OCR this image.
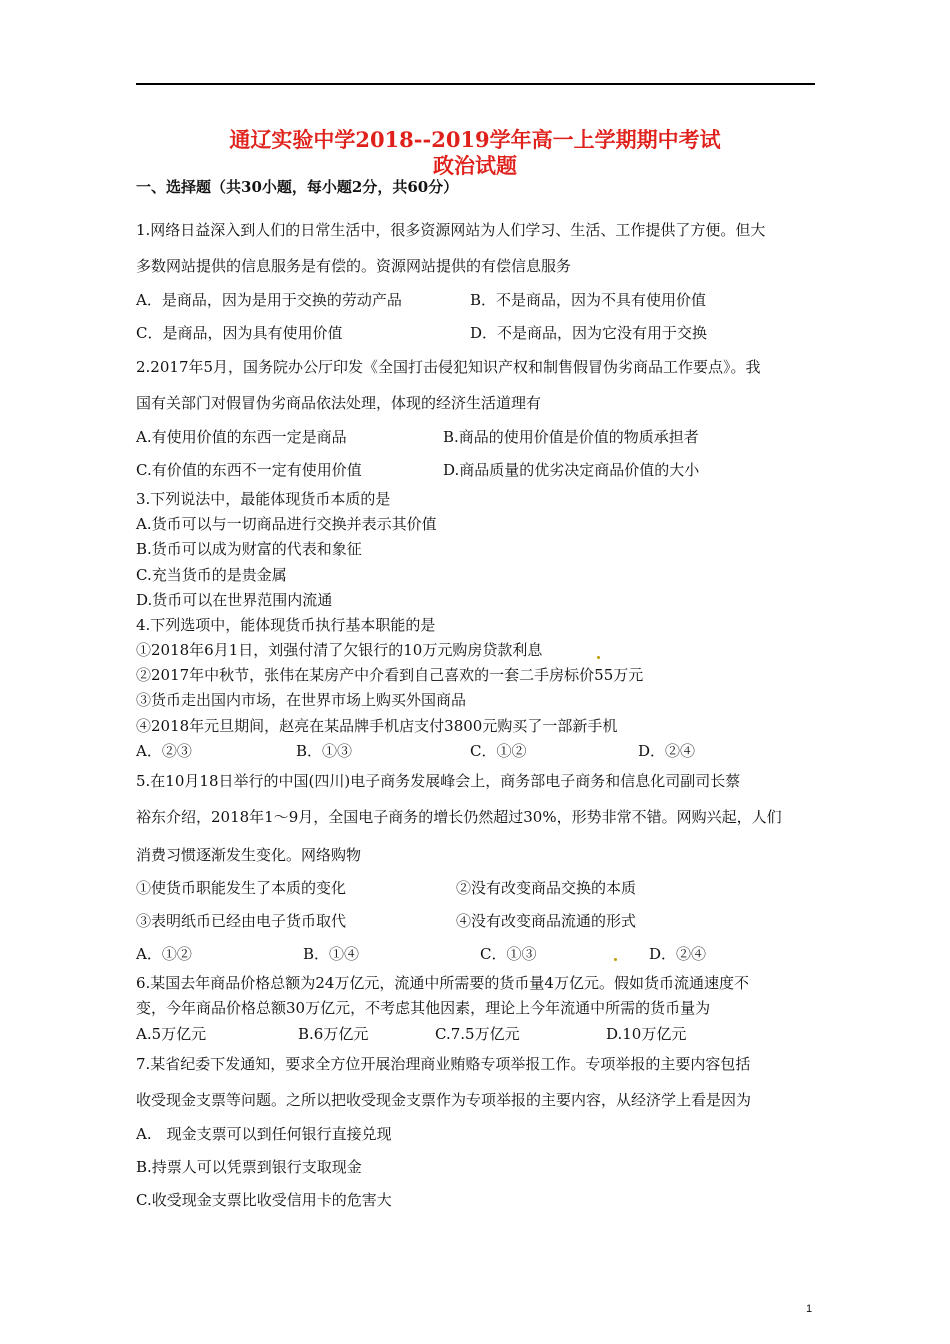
通辽实验中学2018--2019学年高一上学期期中考试
政治试题
一、选择题（共30小题，每小题2分，共60分）
1.网络日益深入到人们的日常生活中，很多资源网站为人们学习、生活、工作提供了方便。但大
多数网站提供的信息服务是有偿的。资源网站提供的有偿信息服务
A．是商品，因为是用于交换的劳动产品	B．不是商品，因为不具有使用价值
C．是商品，因为具有使用价值	D．不是商品，因为它没有用于交换
2.2017年5月，国务院办公厅印发《全国打击侵犯知识产权和制售假冒伪劣商品工作要点》。我
国有关部门对假冒伪劣商品依法处理，体现的经济生活道理有
A.有使用价值的东西一定是商品	B.商品的使用价值是价值的物质承担者
C.有价值的东西不一定有使用价值	D.商品质量的优劣决定商品价值的大小
3.下列说法中，最能体现货币本质的是
A.货币可以与一切商品进行交换并表示其价值
B.货币可以成为财富的代表和象征
C.充当货币的是贵金属
D.货币可以在世界范围内流通
4.下列选项中，能体现货币执行基本职能的是
①2018年6月1日，刘强付清了欠银行的10万元购房贷款利息
②2017年中秋节，张伟在某房产中介看到自己喜欢的一套二手房标价55万元
③货币走出国内市场，在世界市场上购买外国商品
④2018年元旦期间，赵亮在某品牌手机店支付3800元购买了一部新手机
A．②③	B．①③	C．①②	D．②④
5.在10月18日举行的中国(四川)电子商务发展峰会上，商务部电子商务和信息化司副司长蔡
裕东介绍，2018年1～9月，全国电子商务的增长仍然超过30%，形势非常不错。网购兴起，人们
消费习惯逐渐发生变化。网络购物
①使货币职能发生了本质的变化	②没有改变商品交换的本质
③表明纸币已经由电子货币取代	④没有改变商品流通的形式
A．①②	B．①④	C．①③	D．②④
6.某国去年商品价格总额为24万亿元，流通中所需要的货币量4万亿元。假如货币流通速度不
变，今年商品价格总额30万亿元，不考虑其他因素，理论上今年流通中所需的货币量为
A.5万亿元	B.6万亿元	C.7.5万亿元	D.10万亿元
7.某省纪委下发通知，要求全方位开展治理商业贿赂专项举报工作。专项举报的主要内容包括
收受现金支票等问题。之所以把收受现金支票作为专项举报的主要内容，从经济学上看是因为
A.　现金支票可以到任何银行直接兑现
B.持票人可以凭票到银行支取现金
C.收受现金支票比收受信用卡的危害大
1
